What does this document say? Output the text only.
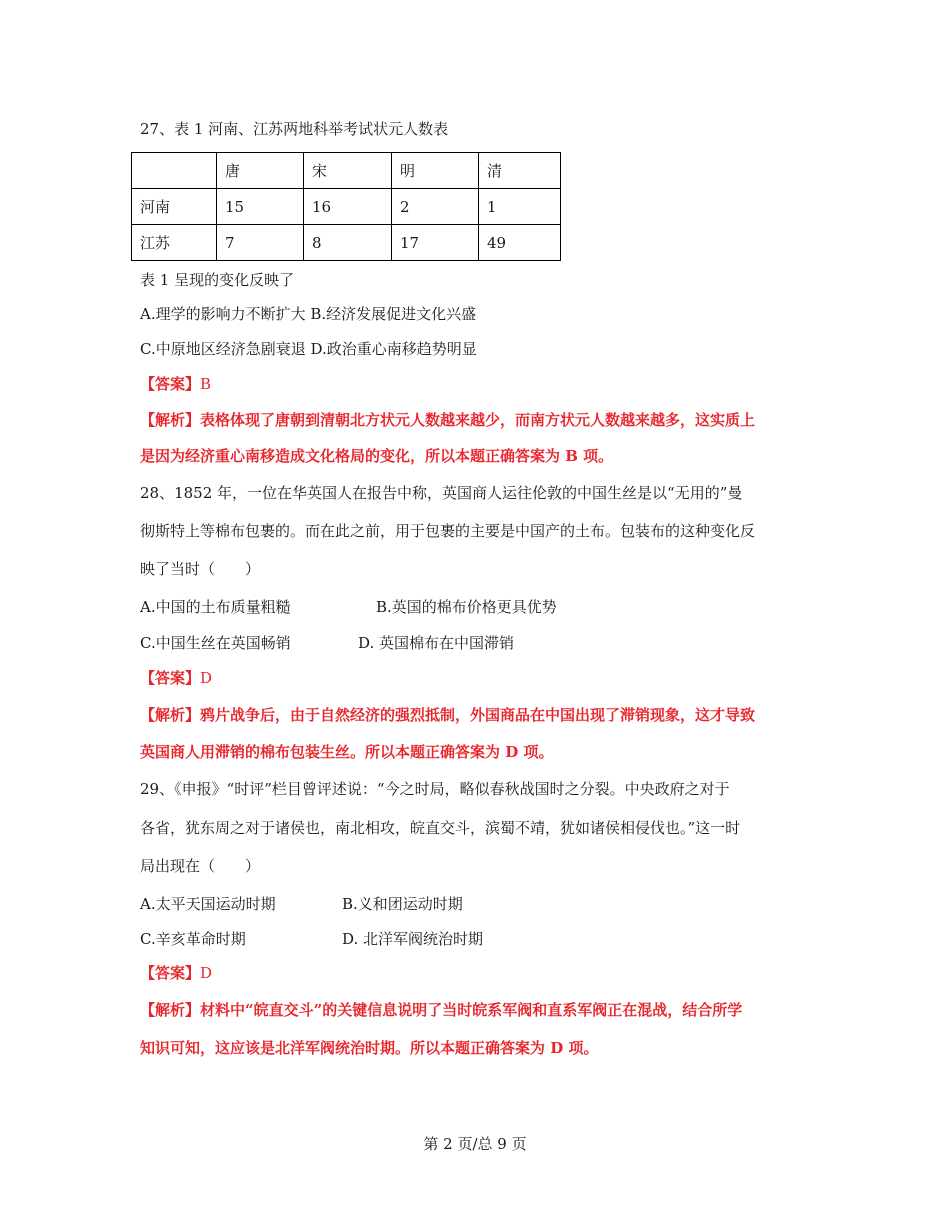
27、表 1 河南、江苏两地科举考试状元人数表
	唐	宋	明	清
河南	15	16	2	1
江苏	7	8	17	49
表 1 呈现的变化反映了
A.理学的影响力不断扩大 B.经济发展促进文化兴盛
C.中原地区经济急剧衰退 D.政治重心南移趋势明显
【答案】B
【解析】表格体现了唐朝到清朝北方状元人数越来越少，而南方状元人数越来越多，这实质上
是因为经济重心南移造成文化格局的变化，所以本题正确答案为 B 项。
28、1852 年，一位在华英国人在报告中称，英国商人运往伦敦的中国生丝是以“无用的”曼
彻斯特上等棉布包裹的。而在此之前，用于包裹的主要是中国产的土布。包装布的这种变化反
映了当时（　　）
A.中国的土布质量粗糙	B.英国的棉布价格更具优势
C.中国生丝在英国畅销	D. 英国棉布在中国滞销
【答案】D
【解析】鸦片战争后，由于自然经济的强烈抵制，外国商品在中国出现了滞销现象，这才导致
英国商人用滞销的棉布包装生丝。所以本题正确答案为 D 项。
29、《申报》“时评”栏目曾评述说：“今之时局，略似春秋战国时之分裂。中央政府之对于
各省，犹东周之对于诸侯也，南北相攻，皖直交斗，滨蜀不靖，犹如诸侯相侵伐也。”这一时
局出现在（　　）
A.太平天国运动时期	B.义和团运动时期
C.辛亥革命时期	D. 北洋军阀统治时期
【答案】D
【解析】材料中“皖直交斗”的关键信息说明了当时皖系军阀和直系军阀正在混战，结合所学
知识可知，这应该是北洋军阀统治时期。所以本题正确答案为 D 项。
第 2 页/总 9 页
